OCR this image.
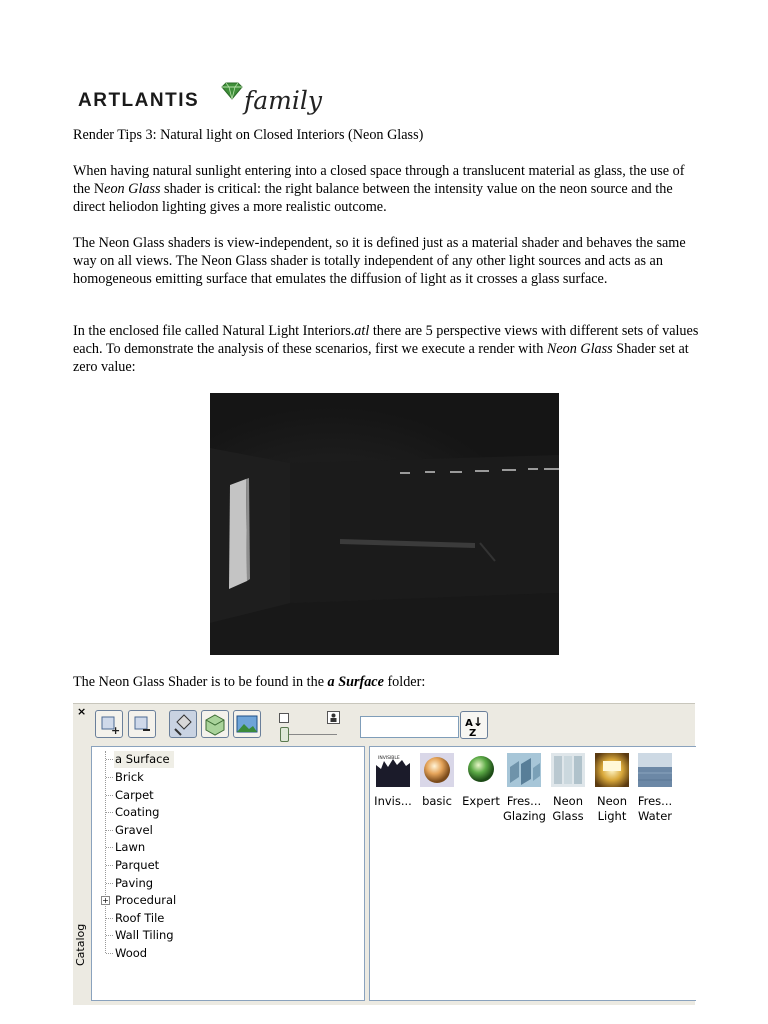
ARTLANTIS family

Render Tips 3: Natural light on Closed Interiors (Neon Glass)

When having natural sunlight entering into a closed space through a translucent material as glass, the use of the Neon Glass shader is critical: the right balance between the intensity value on the neon source and the direct heliodon lighting gives a more realistic outcome.

The Neon Glass shaders is view-independent, so it is defined just as a material shader and behaves the same way on all views. The Neon Glass shader is totally independent of any other light sources and acts as an homogeneous emitting surface that emulates the diffusion of light as it crosses a glass surface.

In the enclosed file called Natural Light Interiors.atl there are 5 perspective views with different sets of values each. To demonstrate the analysis of these scenarios, first we execute a render with Neon Glass Shader set at zero value:

The Neon Glass Shader is to be found in the a Surface folder:

×
Catalog
+
A↓
Z
a Surface
Brick
Carpet
Coating
Gravel
Lawn
Parquet
Paving
+ Procedural
Roof Tile
Wall Tiling
Wood
INVISIBLE
Invis... basic Expert Fres...
Glazing
Neon
Glass
Neon
Light
Fres...
Water
